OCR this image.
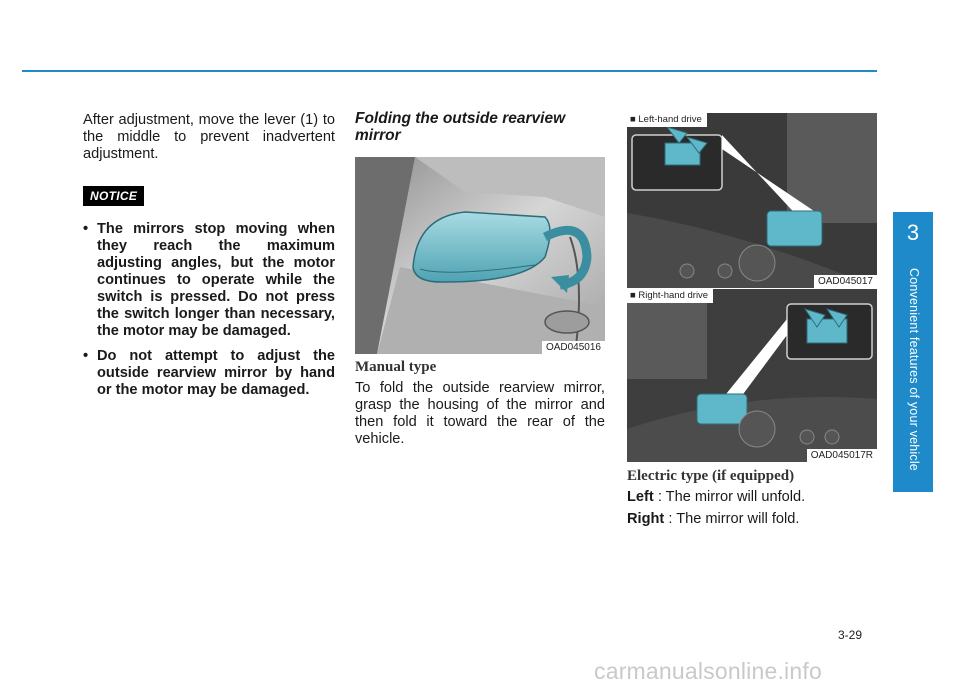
After adjustment, move the lever (1) to the middle to prevent inadvertent adjustment.

NOTICE
• The mirrors stop moving when they reach the maximum adjusting angles, but the motor continues to operate while the switch is pressed. Do not press the switch longer than necessary, the motor may be damaged.
• Do not attempt to adjust the outside rearview mirror by hand or the motor may be damaged.
Folding the outside rearview mirror
OAD045016
Manual type

To fold the outside rearview mirror, grasp the housing of the mirror and then fold it toward the rear of the vehicle.

■ Left-hand drive
OAD045017
■ Right-hand drive
OAD045017R
Electric type (if equipped)
Left : The mirror will unfold.
Right : The mirror will fold.
3
Convenient features of your vehicle
3-29
carmanualsonline.info
